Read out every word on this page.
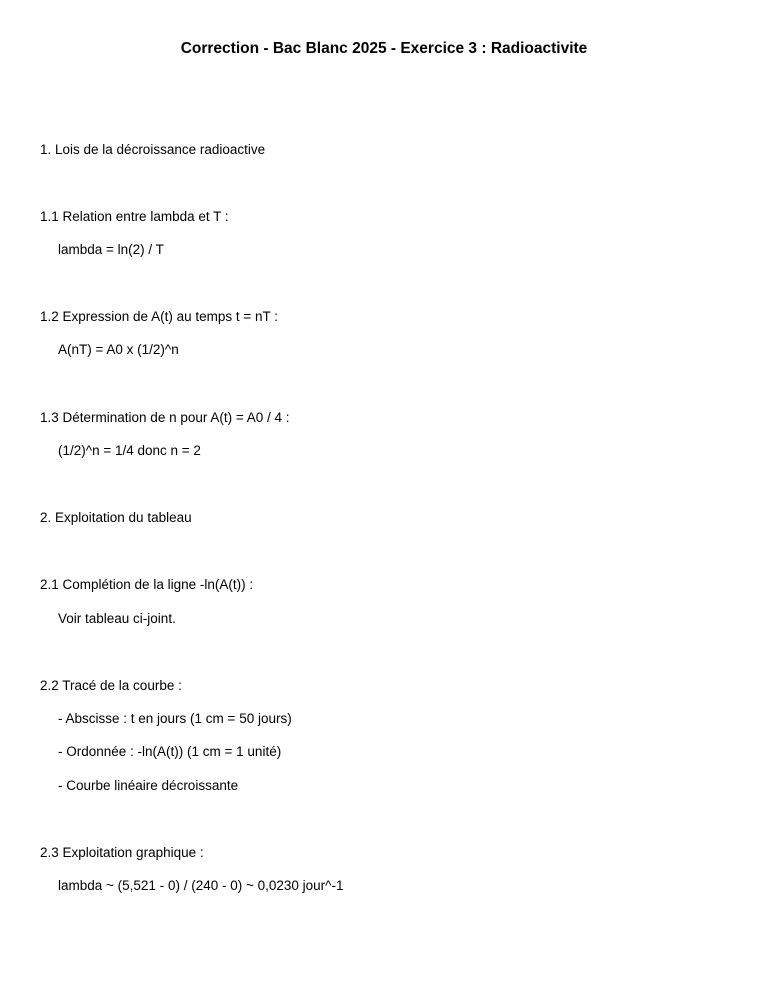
Correction - Bac Blanc 2025 - Exercice 3 : Radioactivite
1. Lois de la décroissance radioactive
1.1 Relation entre lambda et T :
lambda = ln(2) / T
1.2 Expression de A(t) au temps t = nT :
A(nT) = A0 x (1/2)^n
1.3 Détermination de n pour A(t) = A0 / 4 :
(1/2)^n = 1/4 donc n = 2
2. Exploitation du tableau
2.1 Complétion de la ligne -ln(A(t)) :
Voir tableau ci-joint.
2.2 Tracé de la courbe :
- Abscisse : t en jours (1 cm = 50 jours)
- Ordonnée : -ln(A(t)) (1 cm = 1 unité)
- Courbe linéaire décroissante
2.3 Exploitation graphique :
lambda ~ (5,521 - 0) / (240 - 0) ~ 0,0230 jour^-1
